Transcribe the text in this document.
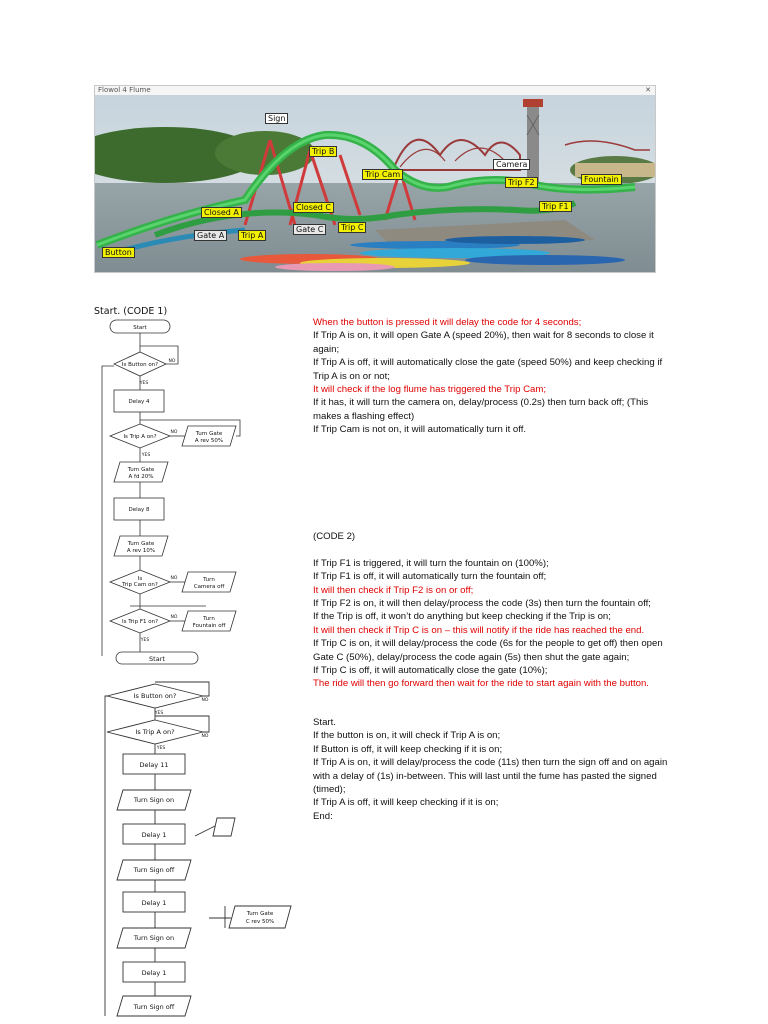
Flowol 4 Flume	✕
Sign
Trip B
Camera
Trip Cam
Trip F2	Fountain
Trip F1
Closed A
Closed C
Gate A	Trip A
Gate C	Trip C
Button
Start. (CODE 1)
Start
Is Button on?
YES
NO
Delay 4
Is Trip A on?
NO
YES
Turn Gate
A rev 50%
Turn Gate
A fd 20%
Delay 8
Turn Gate
A rev 10%
Is
Trip Cam on?
NO	Turn
Camera off
Is Trip F1 on?
NO
YES
Turn
Fountain off
Start
When the button is pressed it will delay the code for 4 seconds;
If Trip A is on, it will open Gate A (speed 20%), then wait for 8 seconds to close it
again;
If Trip A is off, it will automatically close the gate (speed 50%) and keep checking if
Trip A is on or not;
It will check if the log flume has triggered the Trip Cam;
If it has, it will turn the camera on, delay/process (0.2s) then turn back off; (This
makes a flashing effect)
If Trip Cam is not on, it will automatically turn it off.
(CODE 2)
If Trip F1 is triggered, it will turn the fountain on (100%);
If Trip F1 is off, it will automatically turn the fountain off;
It will then check if Trip F2 is on or off;
If Trip F2 is on, it will then delay/process the code (3s) then turn the fountain off;
If the Trip is off, it won’t do anything but keep checking if the Trip is on;
It will then check if Trip C is on – this will notify if the ride has reached the end.
If Trip C is on, it will delay/process the code (6s for the people to get off) then open
Gate C (50%), delay/process the code again (5s) then shut the gate again;
If Trip C is off, it will automatically close the gate (10%);
The ride will then go forward then wait for the ride to start again with the button.
Start.
If the button is on, it will check if Trip A is on;
If Button is off, it will keep checking if it is on;
If Trip A is on, it will delay/process the code (11s) then turn the sign off and on again
with a delay of (1s) in-between. This will last until the fume has pasted the signed
(timed);
If Trip A is off, it will keep checking if it is on;
End:
Is Button on?
NO
YES
Is Trip A on?
NO
YES
Delay 11
Turn Sign on
Delay 1
Turn Sign off
Delay 1
Turn Sign on
Delay 1
Turn Sign off
Turn Gate
C rev 50%
